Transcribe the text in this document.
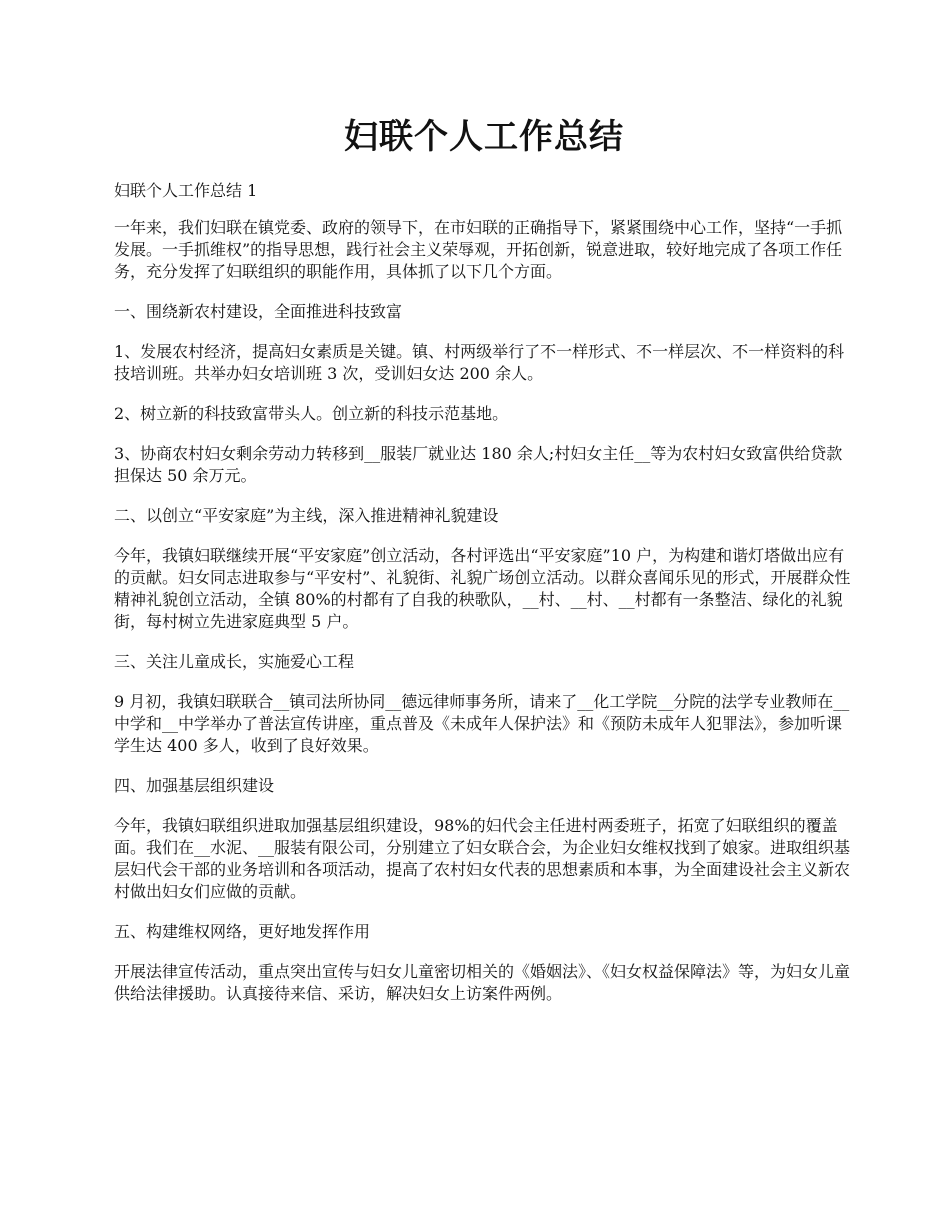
妇联个人工作总结

妇联个人工作总结 1

一年来，我们妇联在镇党委、政府的领导下，在市妇联的正确指导下，紧紧围绕中心工作，坚持“一手抓发展。一手抓维权”的指导思想，践行社会主义荣辱观，开拓创新，锐意进取，较好地完成了各项工作任务，充分发挥了妇联组织的职能作用，具体抓了以下几个方面。

一、围绕新农村建设，全面推进科技致富

1、发展农村经济，提高妇女素质是关键。镇、村两级举行了不一样形式、不一样层次、不一样资料的科技培训班。共举办妇女培训班 3 次，受训妇女达 200 余人。

2、树立新的科技致富带头人。创立新的科技示范基地。

3、协商农村妇女剩余劳动力转移到__服装厂就业达 180 余人;村妇女主任__等为农村妇女致富供给贷款担保达 50 余万元。

二、以创立“平安家庭”为主线，深入推进精神礼貌建设

今年，我镇妇联继续开展“平安家庭”创立活动，各村评选出“平安家庭”10 户，为构建和谐灯塔做出应有的贡献。妇女同志进取参与“平安村”、礼貌街、礼貌广场创立活动。以群众喜闻乐见的形式，开展群众性精神礼貌创立活动，全镇 80%的村都有了自我的秧歌队，__村、__村、__村都有一条整洁、绿化的礼貌街，每村树立先进家庭典型 5 户。

三、关注儿童成长，实施爱心工程

9 月初，我镇妇联联合__镇司法所协同__德远律师事务所，请来了__化工学院__分院的法学专业教师在__中学和__中学举办了普法宣传讲座，重点普及《未成年人保护法》和《预防未成年人犯罪法》，参加听课学生达 400 多人，收到了良好效果。

四、加强基层组织建设

今年，我镇妇联组织进取加强基层组织建设，98%的妇代会主任进村两委班子，拓宽了妇联组织的覆盖面。我们在__水泥、__服装有限公司，分别建立了妇女联合会，为企业妇女维权找到了娘家。进取组织基层妇代会干部的业务培训和各项活动，提高了农村妇女代表的思想素质和本事，为全面建设社会主义新农村做出妇女们应做的贡献。

五、构建维权网络，更好地发挥作用

开展法律宣传活动，重点突出宣传与妇女儿童密切相关的《婚姻法》、《妇女权益保障法》等，为妇女儿童供给法律援助。认真接待来信、采访，解决妇女上访案件两例。
